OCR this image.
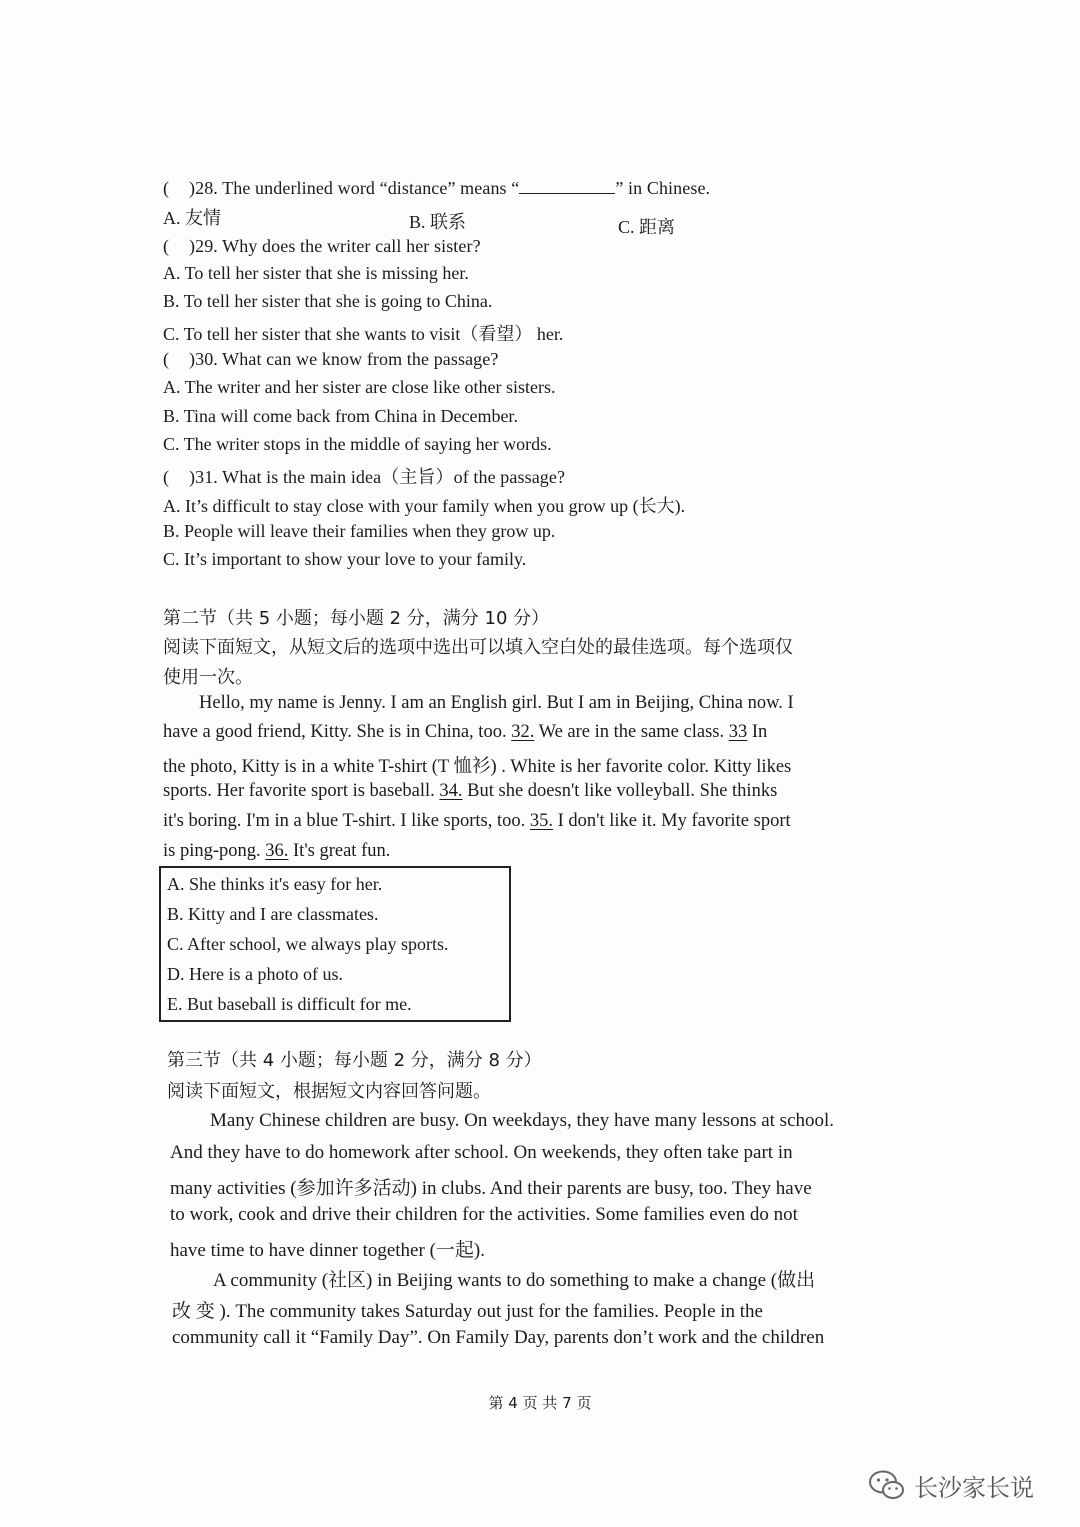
( )28. The underlined word “distance” means “	” in Chinese.
A. 友情	B. 联系	C. 距离
( )29. Why does the writer call her sister?
A. To tell her sister that she is missing her.
B. To tell her sister that she is going to China.
C. To tell her sister that she wants to visit（看望） her.
( )30. What can we know from the passage?
A. The writer and her sister are close like other sisters.
B. Tina will come back from China in December.
C. The writer stops in the middle of saying her words.
( )31. What is the main idea（主旨）of the passage?
A. It’s difficult to stay close with your family when you grow up (长大).
B. People will leave their families when they grow up.
C. It’s important to show your love to your family.
第二节（共 5 小题；每小题 2 分，满分 10 分）
阅读下面短文，从短文后的选项中选出可以填入空白处的最佳选项。每个选项仅
使用一次。
Hello, my name is Jenny. I am an English girl. But I am in Beijing, China now. I
have a good friend, Kitty. She is in China, too. 32. We are in the same class. 33 In
the photo, Kitty is in a white T-shirt (T 恤衫) . White is her favorite color. Kitty likes
sports. Her favorite sport is baseball. 34. But she doesn't like volleyball. She thinks
it's boring. I'm in a blue T-shirt. I like sports, too. 35. I don't like it. My favorite sport
is ping-pong. 36. It's great fun.
A. She thinks it's easy for her.
B. Kitty and I are classmates.
C. After school, we always play sports.
D. Here is a photo of us.
E. But baseball is difficult for me.
第三节（共 4 小题；每小题 2 分，满分 8 分）
阅读下面短文，根据短文内容回答问题。
Many Chinese children are busy. On weekdays, they have many lessons at school.
And they have to do homework after school. On weekends, they often take part in
many activities (参加许多活动) in clubs. And their parents are busy, too. They have
to work, cook and drive their children for the activities. Some families even do not
have time to have dinner together (一起).
A community (社区) in Beijing wants to do something to make a change (做出
改 变 ). The community takes Saturday out just for the families. People in the
community call it “Family Day”. On Family Day, parents don’t work and the children
第 4 页 共 7 页
长沙家长说
